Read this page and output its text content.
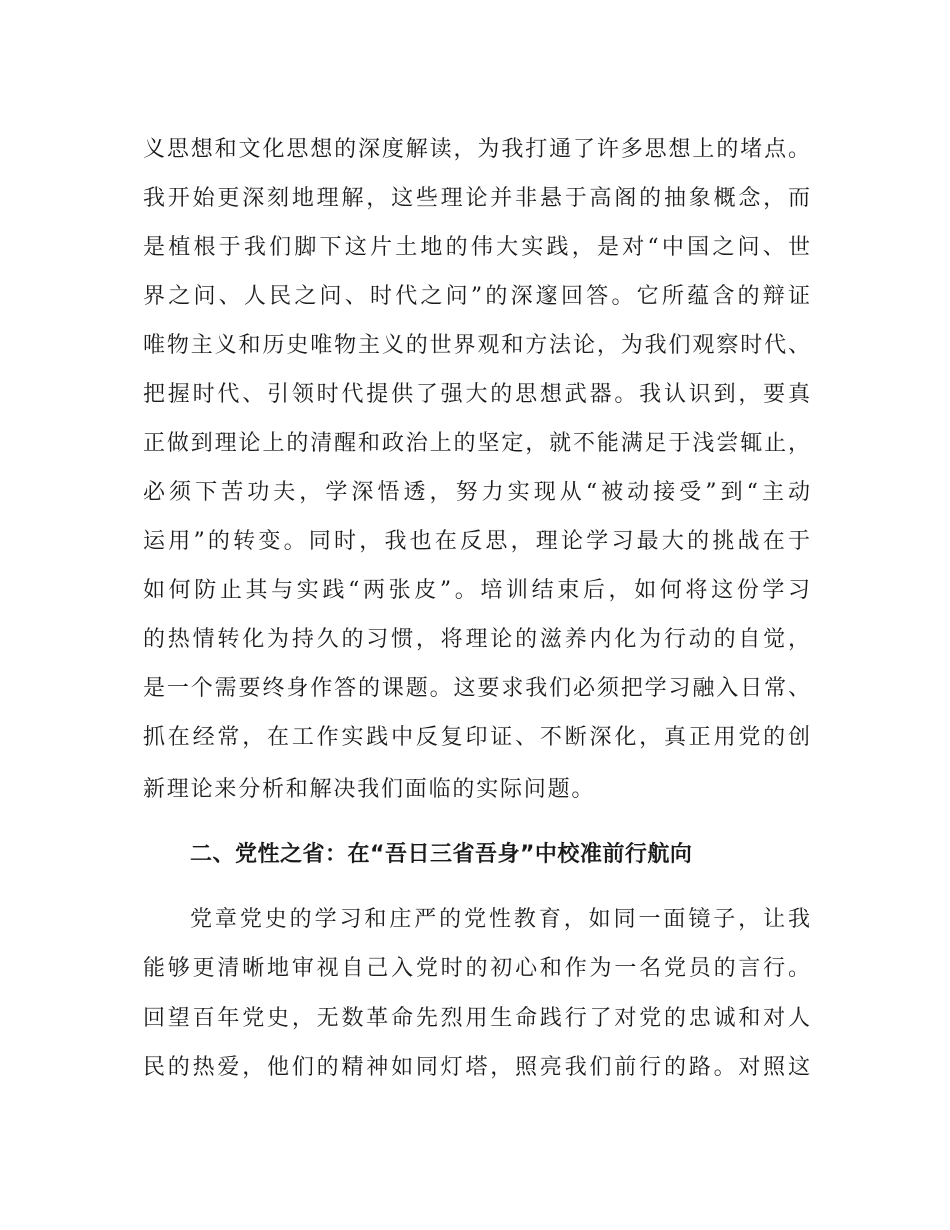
义思想和文化思想的深度解读，为我打通了许多思想上的堵点。
我开始更深刻地理解，这些理论并非悬于高阁的抽象概念，而
是植根于我们脚下这片土地的伟大实践，是对“中国之问、世
界之问、人民之问、时代之问”的深邃回答。它所蕴含的辩证
唯物主义和历史唯物主义的世界观和方法论，为我们观察时代、
把握时代、引领时代提供了强大的思想武器。我认识到，要真
正做到理论上的清醒和政治上的坚定，就不能满足于浅尝辄止，
必须下苦功夫，学深悟透，努力实现从“被动接受”到“主动
运用”的转变。同时，我也在反思，理论学习最大的挑战在于
如何防止其与实践“两张皮”。培训结束后，如何将这份学习
的热情转化为持久的习惯，将理论的滋养内化为行动的自觉，
是一个需要终身作答的课题。这要求我们必须把学习融入日常、
抓在经常，在工作实践中反复印证、不断深化，真正用党的创
新理论来分析和解决我们面临的实际问题。
二、党性之省：在“吾日三省吾身”中校准前行航向
党章党史的学习和庄严的党性教育，如同一面镜子，让我
能够更清晰地审视自己入党时的初心和作为一名党员的言行。
回望百年党史，无数革命先烈用生命践行了对党的忠诚和对人
民的热爱，他们的精神如同灯塔，照亮我们前行的路。对照这
